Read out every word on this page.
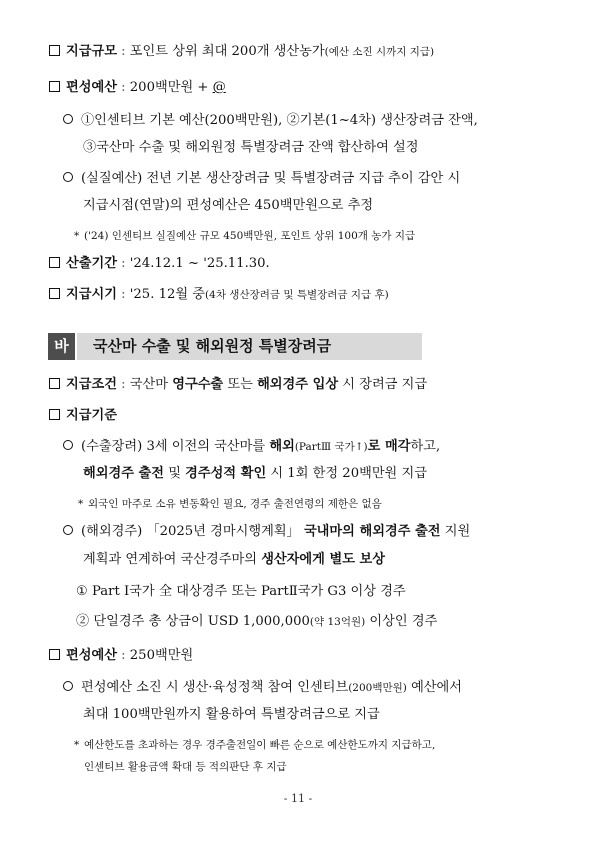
지급규모 : 포인트 상위 최대 200개 생산농가(예산 소진 시까지 지급)
편성예산 : 200백만원 + @
①인센티브 기본 예산(200백만원), ②기본(1~4차) 생산장려금 잔액,
③국산마 수출 및 해외원정 특별장려금 잔액 합산하여 설정
(실질예산) 전년 기본 생산장려금 및 특별장려금 지급 추이 감안 시
지급시점(연말)의 편성예산은 450백만원으로 추정
* ('24) 인센티브 실질예산 규모 450백만원, 포인트 상위 100개 농가 지급
산출기간 : '24.12.1 ~ '25.11.30.
지급시기 : '25. 12월 중(4차 생산장려금 및 특별장려금 지급 후)
바	국산마 수출 및 해외원정 특별장려금
지급조건 : 국산마 영구수출 또는 해외경주 입상 시 장려금 지급
지급기준
(수출장려) 3세 이전의 국산마를 해외(PartⅢ 국가↑)로 매각하고,
해외경주 출전 및 경주성적 확인 시 1회 한정 20백만원 지급
* 외국인 마주로 소유 변동확인 필요, 경주 출전연령의 제한은 없음
(해외경주) 「2025년 경마시행계획」 국내마의 해외경주 출전 지원
계획과 연계하여 국산경주마의 생산자에게 별도 보상
① Part Ⅰ국가 全 대상경주 또는 PartⅡ국가 G3 이상 경주
② 단일경주 총 상금이 USD 1,000,000(약 13억원) 이상인 경주
편성예산 : 250백만원
편성예산 소진 시 생산·육성정책 참여 인센티브(200백만원) 예산에서
최대 100백만원까지 활용하여 특별장려금으로 지급
* 예산한도를 초과하는 경우 경주출전일이 빠른 순으로 예산한도까지 지급하고,
인센티브 활용금액 확대 등 적의판단 후 지급
- 11 -
